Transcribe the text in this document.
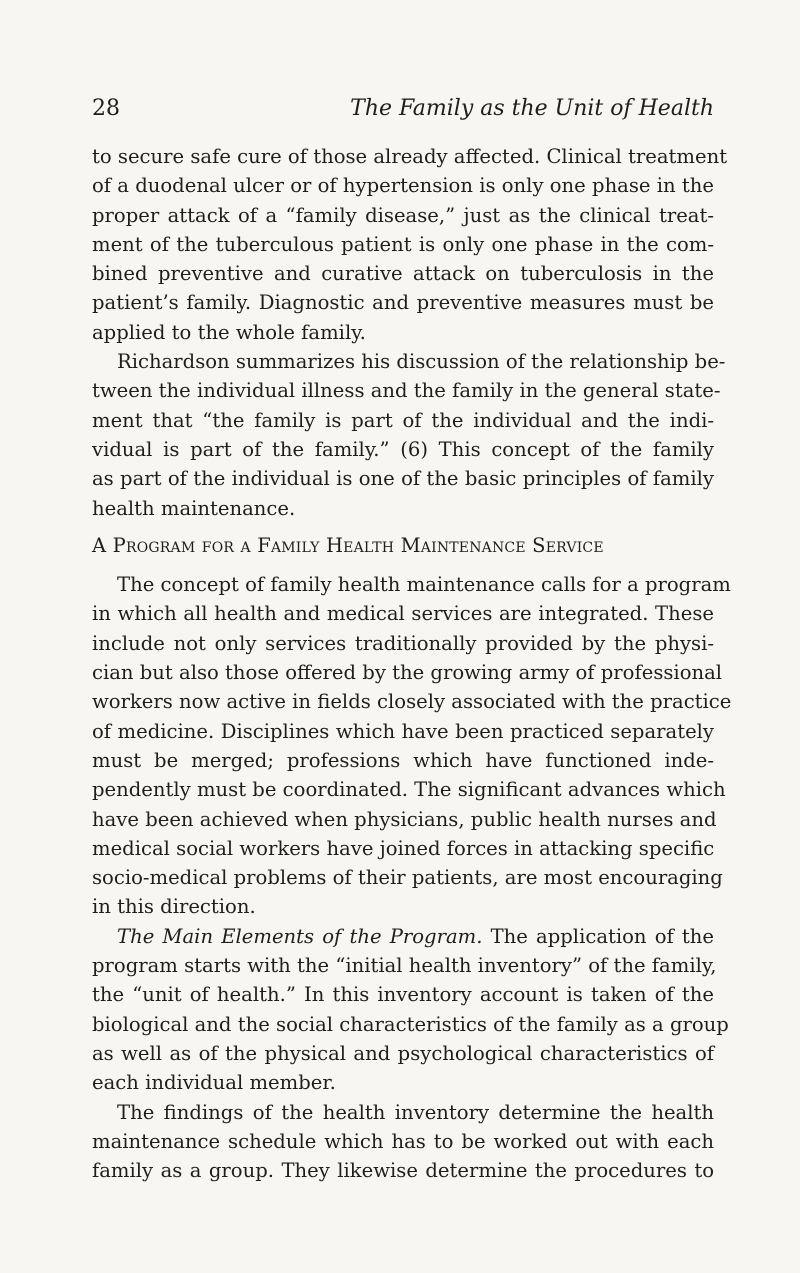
28	The Family as the Unit of Health
to secure safe cure of those already affected. Clinical treatment
of a duodenal ulcer or of hypertension is only one phase in the
proper attack of a “family disease,” just as the clinical treat-
ment of the tuberculous patient is only one phase in the com-
bined preventive and curative attack on tuberculosis in the
patient’s family. Diagnostic and preventive measures must be
applied to the whole family.
Richardson summarizes his discussion of the relationship be-
tween the individual illness and the family in the general state-
ment that “the family is part of the individual and the indi-
vidual is part of the family.” (6) This concept of the family
as part of the individual is one of the basic principles of family
health maintenance.
A Program for a Family Health Maintenance Service
The concept of family health maintenance calls for a program
in which all health and medical services are integrated. These
include not only services traditionally provided by the physi-
cian but also those offered by the growing army of professional
workers now active in fields closely associated with the practice
of medicine. Disciplines which have been practiced separately
must be merged; professions which have functioned inde-
pendently must be coordinated. The significant advances which
have been achieved when physicians, public health nurses and
medical social workers have joined forces in attacking specific
socio-medical problems of their patients, are most encouraging
in this direction.
The Main Elements of the Program. The application of the
program starts with the “initial health inventory” of the family,
the “unit of health.” In this inventory account is taken of the
biological and the social characteristics of the family as a group
as well as of the physical and psychological characteristics of
each individual member.
The findings of the health inventory determine the health
maintenance schedule which has to be worked out with each
family as a group. They likewise determine the procedures to
